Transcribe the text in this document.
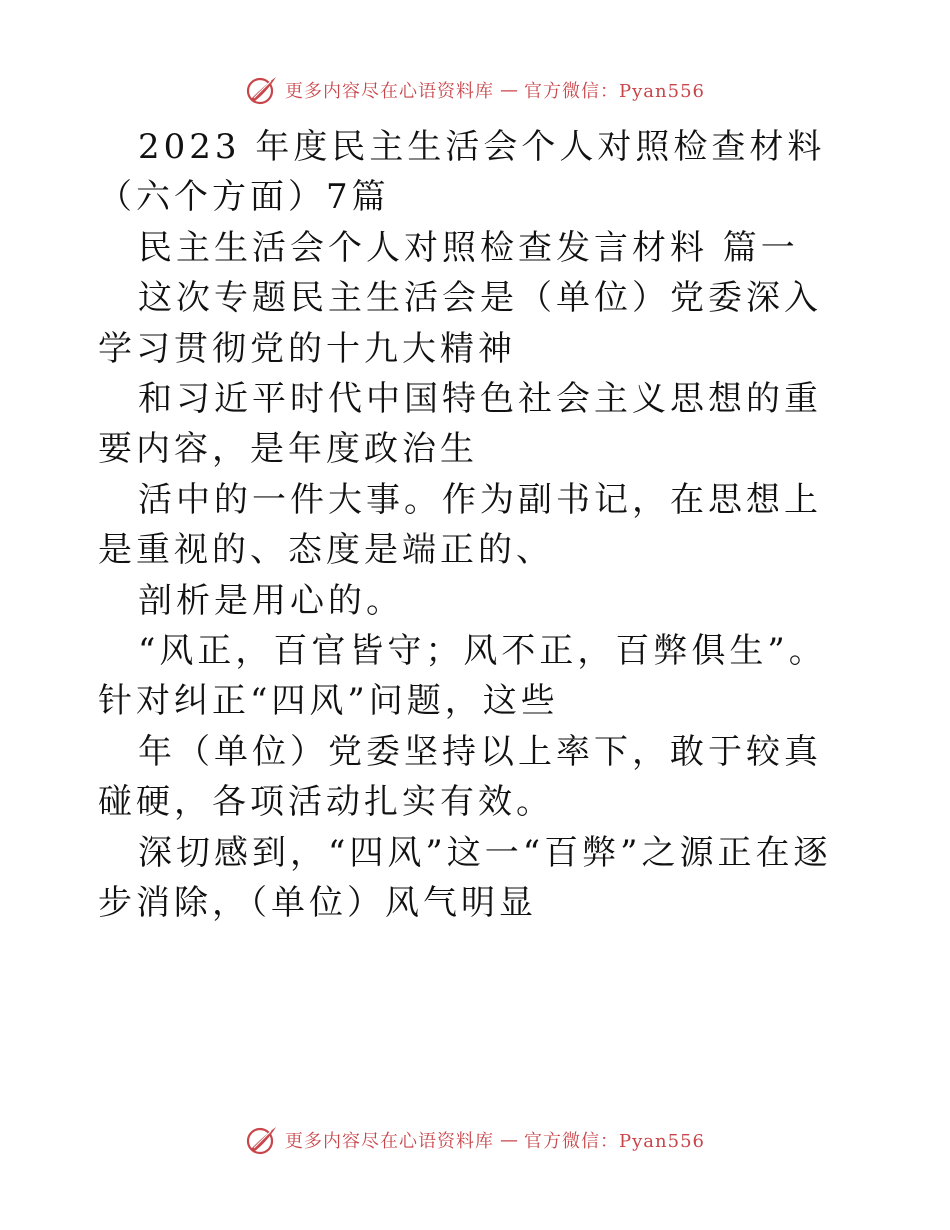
更多内容尽在心语资料库 — 官方微信：Pyan556

2023 年度民主生活会个人对照检查材料（六个方面）7篇

民主生活会个人对照检查发言材料 篇一

这次专题民主生活会是（单位）党委深入学习贯彻党的十九大精神

和习近平时代中国特色社会主义思想的重要内容，是年度政治生

活中的一件大事。作为副书记，在思想上是重视的、态度是端正的、

剖析是用心的。

“风正，百官皆守；风不正，百弊俱生”。针对纠正“四风”问题，这些

年（单位）党委坚持以上率下，敢于较真碰硬，各项活动扎实有效。

深切感到，“四风”这一“百弊”之源正在逐步消除，（单位）风气明显

更多内容尽在心语资料库 — 官方微信：Pyan556
